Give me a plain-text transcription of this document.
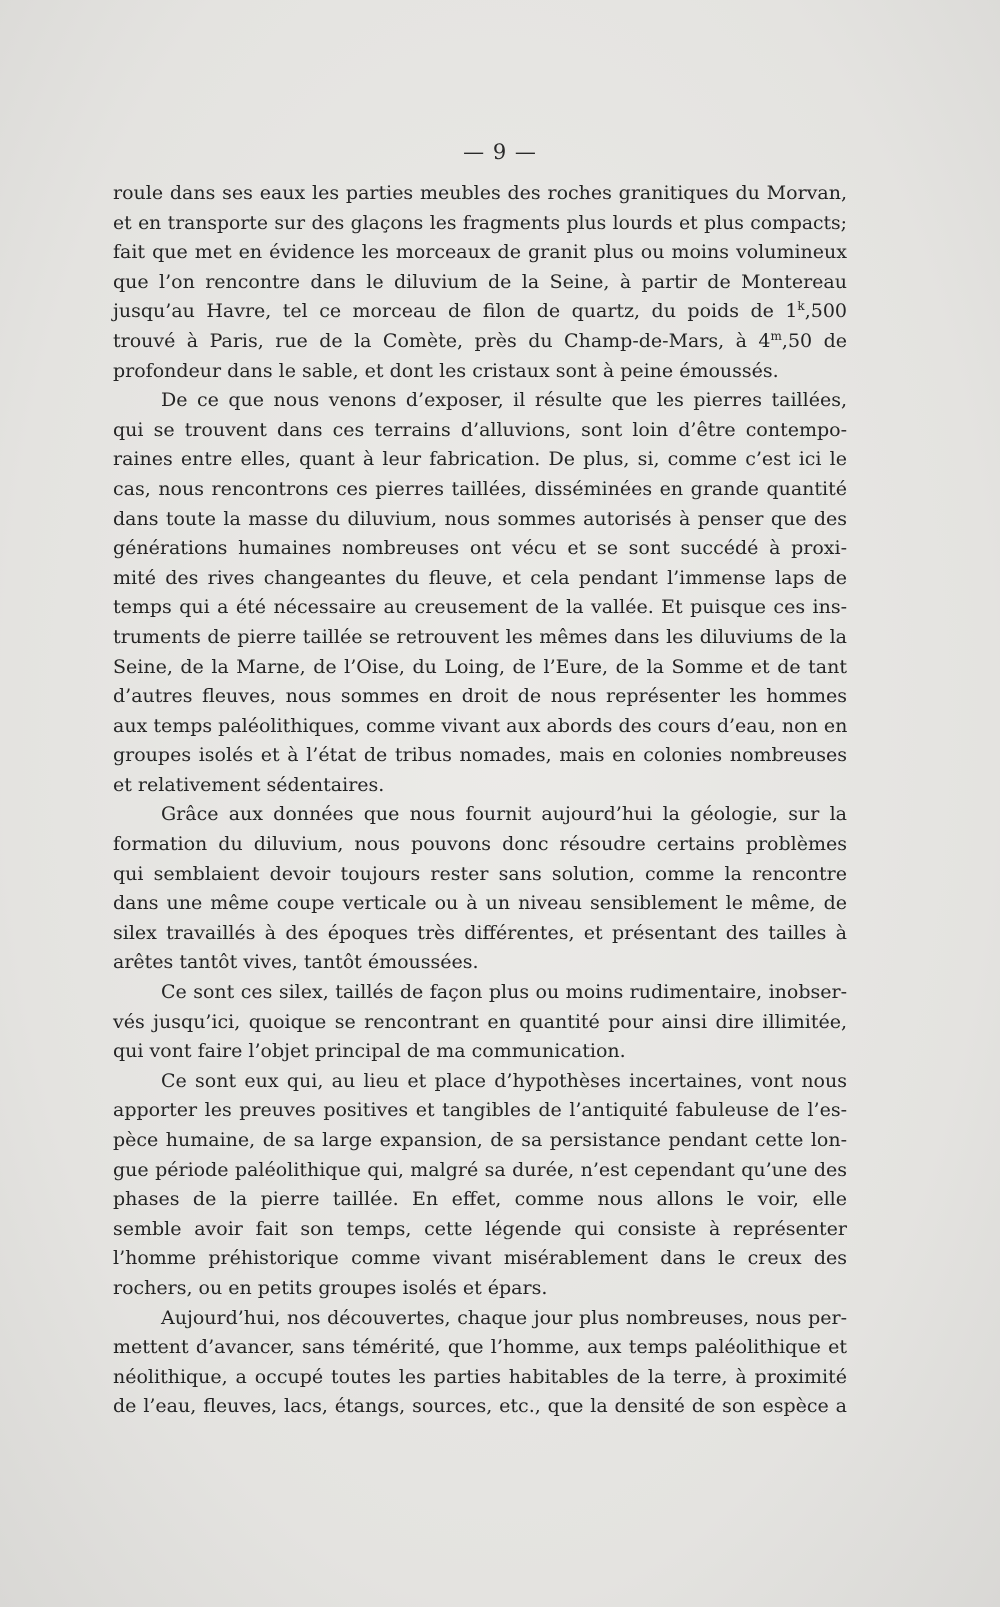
— 9 —
roule dans ses eaux les parties meubles des roches granitiques du Morvan,
et en transporte sur des glaçons les fragments plus lourds et plus compacts;
fait que met en évidence les morceaux de granit plus ou moins volumineux
que l’on rencontre dans le diluvium de la Seine, à partir de Montereau
jusqu’au Havre, tel ce morceau de filon de quartz, du poids de 1$^k$,500
trouvé à Paris, rue de la Comète, près du Champ-de-Mars, à 4$^m$,50 de
profondeur dans le sable, et dont les cristaux sont à peine émoussés.
De ce que nous venons d’exposer, il résulte que les pierres taillées,
qui se trouvent dans ces terrains d’alluvions, sont loin d’être contempo-
raines entre elles, quant à leur fabrication. De plus, si, comme c’est ici le
cas, nous rencontrons ces pierres taillées, disséminées en grande quantité
dans toute la masse du diluvium, nous sommes autorisés à penser que des
générations humaines nombreuses ont vécu et se sont succédé à proxi-
mité des rives changeantes du fleuve, et cela pendant l’immense laps de
temps qui a été nécessaire au creusement de la vallée. Et puisque ces ins-
truments de pierre taillée se retrouvent les mêmes dans les diluviums de la
Seine, de la Marne, de l’Oise, du Loing, de l’Eure, de la Somme et de tant
d’autres fleuves, nous sommes en droit de nous représenter les hommes
aux temps paléolithiques, comme vivant aux abords des cours d’eau, non en
groupes isolés et à l’état de tribus nomades, mais en colonies nombreuses
et relativement sédentaires.
Grâce aux données que nous fournit aujourd’hui la géologie, sur la
formation du diluvium, nous pouvons donc résoudre certains problèmes
qui semblaient devoir toujours rester sans solution, comme la rencontre
dans une même coupe verticale ou à un niveau sensiblement le même, de
silex travaillés à des époques très différentes, et présentant des tailles à
arêtes tantôt vives, tantôt émoussées.
Ce sont ces silex, taillés de façon plus ou moins rudimentaire, inobser-
vés jusqu’ici, quoique se rencontrant en quantité pour ainsi dire illimitée,
qui vont faire l’objet principal de ma communication.
Ce sont eux qui, au lieu et place d’hypothèses incertaines, vont nous
apporter les preuves positives et tangibles de l’antiquité fabuleuse de l’es-
pèce humaine, de sa large expansion, de sa persistance pendant cette lon-
gue période paléolithique qui, malgré sa durée, n’est cependant qu’une des
phases de la pierre taillée. En effet, comme nous allons le voir, elle
semble avoir fait son temps, cette légende qui consiste à représenter
l’homme préhistorique comme vivant misérablement dans le creux des
rochers, ou en petits groupes isolés et épars.
Aujourd’hui, nos découvertes, chaque jour plus nombreuses, nous per-
mettent d’avancer, sans témérité, que l’homme, aux temps paléolithique et
néolithique, a occupé toutes les parties habitables de la terre, à proximité
de l’eau, fleuves, lacs, étangs, sources, etc., que la densité de son espèce a
